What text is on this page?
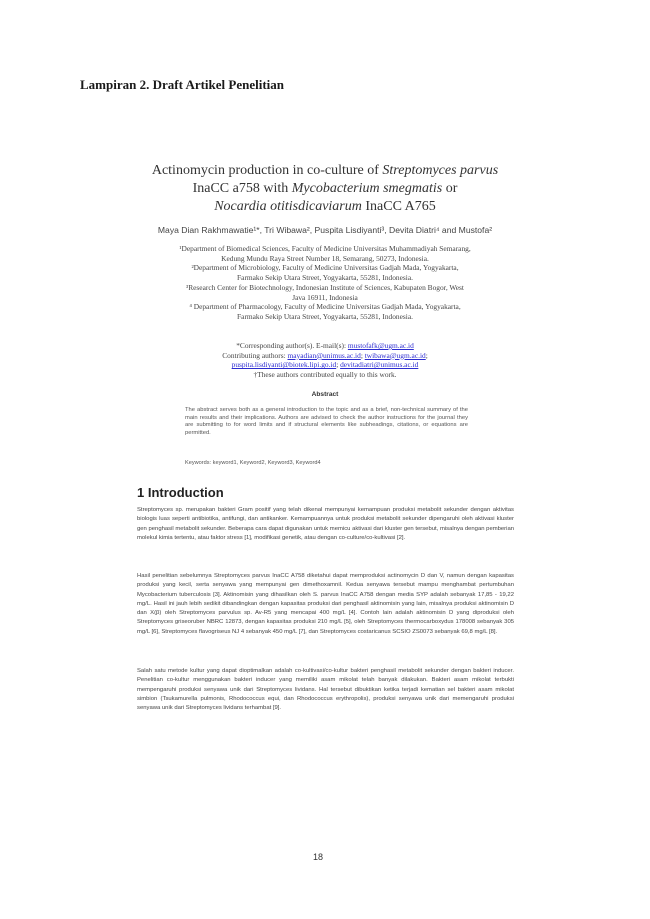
Lampiran 2. Draft Artikel Penelitian
Actinomycin production in co-culture of Streptomyces parvus
InaCC a758 with Mycobacterium smegmatis or
Nocardia otitisdicaviarum InaCC A765
Maya Dian Rakhmawatie¹*, Tri Wibawa², Puspita Lisdiyanti³, Devita Diatri⁴ and Mustofa²
¹Department of Biomedical Sciences, Faculty of Medicine Universitas Muhammadiyah Semarang,
Kedung Mundu Raya Street Number 18, Semarang, 50273, Indonesia.
²Department of Microbiology, Faculty of Medicine Universitas Gadjah Mada, Yogyakarta,
Farmako Sekip Utara Street, Yogyakarta, 55281, Indonesia.
³Research Center for Biotechnology, Indonesian Institute of Sciences, Kabupaten Bogor, West
Java 16911, Indonesia
⁴ Department of Pharmacology, Faculty of Medicine Universitas Gadjah Mada, Yogyakarta,
Farmako Sekip Utara Street, Yogyakarta, 55281, Indonesia.
*Corresponding author(s). E-mail(s): mustofafk@ugm.ac.id
Contributing authors: mayadian@unimus.ac.id; twibawa@ugm.ac.id;
puspita.lisdiyanti@biotek.lipi.go.id; devitadiatri@unimus.ac.id
†These authors contributed equally to this work.
Abstract
The abstract serves both as a general introduction to the topic and as a brief, non-technical summary of the main results and their implications. Authors are advised to check the author instructions for the journal they are submitting to for word limits and if structural elements like subheadings, citations, or equations are permitted.
Keywords: keyword1, Keyword2, Keyword3, Keyword4
1 Introduction
Streptomyces sp. merupakan bakteri Gram positif yang telah dikenal mempunyai kemampuan produksi metabolit sekunder dengan aktivitas biologis luas seperti antibiotika, antifungi, dan antikanker. Kemampuannya untuk produksi metabolit sekunder dipengaruhi oleh aktivasi kluster gen penghasil metabolit sekunder. Beberapa cara dapat digunakan untuk memicu aktivasi dari kluster gen tersebut, misalnya dengan pemberian molekul kimia tertentu, atau faktor stress [1], modifikasi genetik, atau dengan co-culture/co-kultivasi [2].
Hasil penelitian sebelumnya Streptomyces parvus InaCC A758 diketahui dapat memproduksi actinomycin D dan V, namun dengan kapasitas produksi yang kecil, serta senyawa yang mempunyai gen dimethoxamnil. Kedua senyawa tersebut mampu menghambat pertumbuhan Mycobacterium tuberculosis [3]. Aktinomisin yang dihasilkan oleh S. parvus InaCC A758 dengan media SYP adalah sebanyak 17,85 - 19,22 mg/L. Hasil ini jauh lebih sedikit dibandingkan dengan kapasitas produksi dari penghasil aktinomisin yang lain, misalnya produksi aktinomisin D dan X(β) oleh Streptomyces parvulus sp. Av-R5 yang mencapai 400 mg/L [4]. Contoh lain adalah aktinomisin D yang diproduksi oleh Streptomyces griseoruber NBRC 12873, dengan kapasitas produksi 210 mg/L [5], oleh Streptomyces thermocarboxydus 178008 sebanyak 305 mg/L [6], Streptomyces flavogriseus NJ 4 sebanyak 450 mg/L [7], dan Streptomyces costaricanus SCSIO ZS0073 sebanyak 69,8 mg/L [8].
Salah satu metode kultur yang dapat dioptimalkan adalah co-kultivasi/co-kultur bakteri penghasil metabolit sekunder dengan bakteri inducer. Penelitian co-kultur menggunakan bakteri inducer yang memiliki asam mikolat telah banyak dilakukan. Bakteri asam mikolat terbukti mempengaruhi produksi senyawa unik dari Streptomyces lividans. Hal tersebut dibuktikan ketika terjadi kematian sel bakteri asam mikolat simbion (Tsukamurella pulmonis, Rhodococcus equi, dan Rhodococcus erythropolis), produksi senyawa unik dari memengaruhi produksi senyawa unik dari Streptomyces lividans terhambat [9].
18
